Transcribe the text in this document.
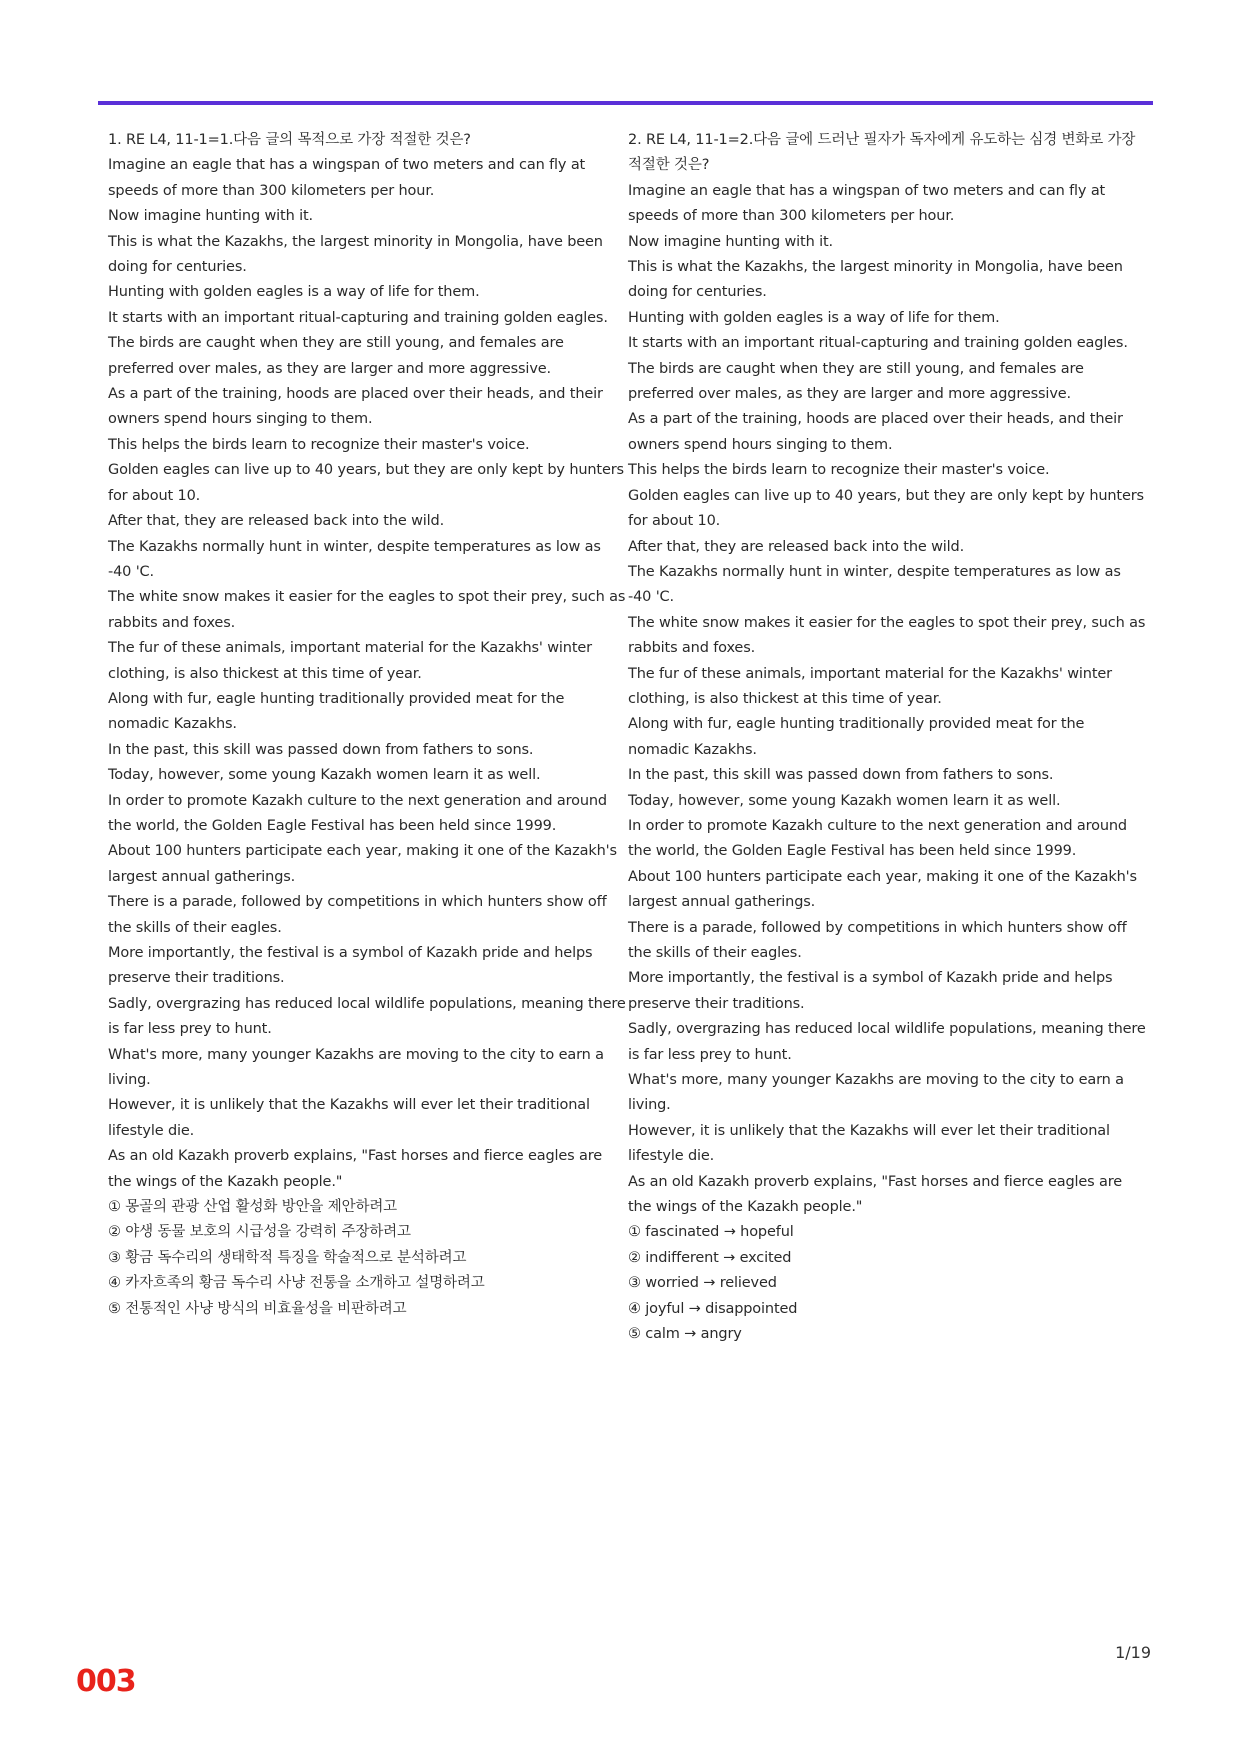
1. RE L4, 11-1=1.다음 글의 목적으로 가장 적절한 것은?

Imagine an eagle that has a wingspan of two meters and can fly at speeds of more than 300 kilometers per hour.

Now imagine hunting with it.

This is what the Kazakhs, the largest minority in Mongolia, have been doing for centuries.

Hunting with golden eagles is a way of life for them.

It starts with an important ritual-capturing and training golden eagles.

The birds are caught when they are still young, and females are preferred over males, as they are larger and more aggressive.

As a part of the training, hoods are placed over their heads, and their owners spend hours singing to them.

This helps the birds learn to recognize their master's voice.

Golden eagles can live up to 40 years, but they are only kept by hunters for about 10.

After that, they are released back into the wild.

The Kazakhs normally hunt in winter, despite temperatures as low as -40 'C.

The white snow makes it easier for the eagles to spot their prey, such as rabbits and foxes.

The fur of these animals, important material for the Kazakhs' winter clothing, is also thickest at this time of year.

Along with fur, eagle hunting traditionally provided meat for the nomadic Kazakhs.

In the past, this skill was passed down from fathers to sons.

Today, however, some young Kazakh women learn it as well.

In order to promote Kazakh culture to the next generation and around the world, the Golden Eagle Festival has been held since 1999.

About 100 hunters participate each year, making it one of the Kazakh's largest annual gatherings.

There is a parade, followed by competitions in which hunters show off the skills of their eagles.

More importantly, the festival is a symbol of Kazakh pride and helps preserve their traditions.

Sadly, overgrazing has reduced local wildlife populations, meaning there is far less prey to hunt.

What's more, many younger Kazakhs are moving to the city to earn a living.

However, it is unlikely that the Kazakhs will ever let their traditional lifestyle die.

As an old Kazakh proverb explains, "Fast horses and fierce eagles are the wings of the Kazakh people."

① 몽골의 관광 산업 활성화 방안을 제안하려고
② 야생 동물 보호의 시급성을 강력히 주장하려고
③ 황금 독수리의 생태학적 특징을 학술적으로 분석하려고
④ 카자흐족의 황금 독수리 사냥 전통을 소개하고 설명하려고
⑤ 전통적인 사냥 방식의 비효율성을 비판하려고

2. RE L4, 11-1=2.다음 글에 드러난 필자가 독자에게 유도하는 심경 변화로 가장 적절한 것은?

Imagine an eagle that has a wingspan of two meters and can fly at speeds of more than 300 kilometers per hour.

Now imagine hunting with it.

This is what the Kazakhs, the largest minority in Mongolia, have been doing for centuries.

Hunting with golden eagles is a way of life for them.

It starts with an important ritual-capturing and training golden eagles.

The birds are caught when they are still young, and females are preferred over males, as they are larger and more aggressive.

As a part of the training, hoods are placed over their heads, and their owners spend hours singing to them.

This helps the birds learn to recognize their master's voice.

Golden eagles can live up to 40 years, but they are only kept by hunters for about 10.

After that, they are released back into the wild.

The Kazakhs normally hunt in winter, despite temperatures as low as -40 'C.

The white snow makes it easier for the eagles to spot their prey, such as rabbits and foxes.

The fur of these animals, important material for the Kazakhs' winter clothing, is also thickest at this time of year.

Along with fur, eagle hunting traditionally provided meat for the nomadic Kazakhs.

In the past, this skill was passed down from fathers to sons.

Today, however, some young Kazakh women learn it as well.

In order to promote Kazakh culture to the next generation and around the world, the Golden Eagle Festival has been held since 1999.

About 100 hunters participate each year, making it one of the Kazakh's largest annual gatherings.

There is a parade, followed by competitions in which hunters show off the skills of their eagles.

More importantly, the festival is a symbol of Kazakh pride and helps preserve their traditions.

Sadly, overgrazing has reduced local wildlife populations, meaning there is far less prey to hunt.

What's more, many younger Kazakhs are moving to the city to earn a living.

However, it is unlikely that the Kazakhs will ever let their traditional lifestyle die.

As an old Kazakh proverb explains, "Fast horses and fierce eagles are the wings of the Kazakh people."

① fascinated → hopeful
② indifferent → excited
③ worried → relieved
④ joyful → disappointed
⑤ calm → angry
1/19
003
